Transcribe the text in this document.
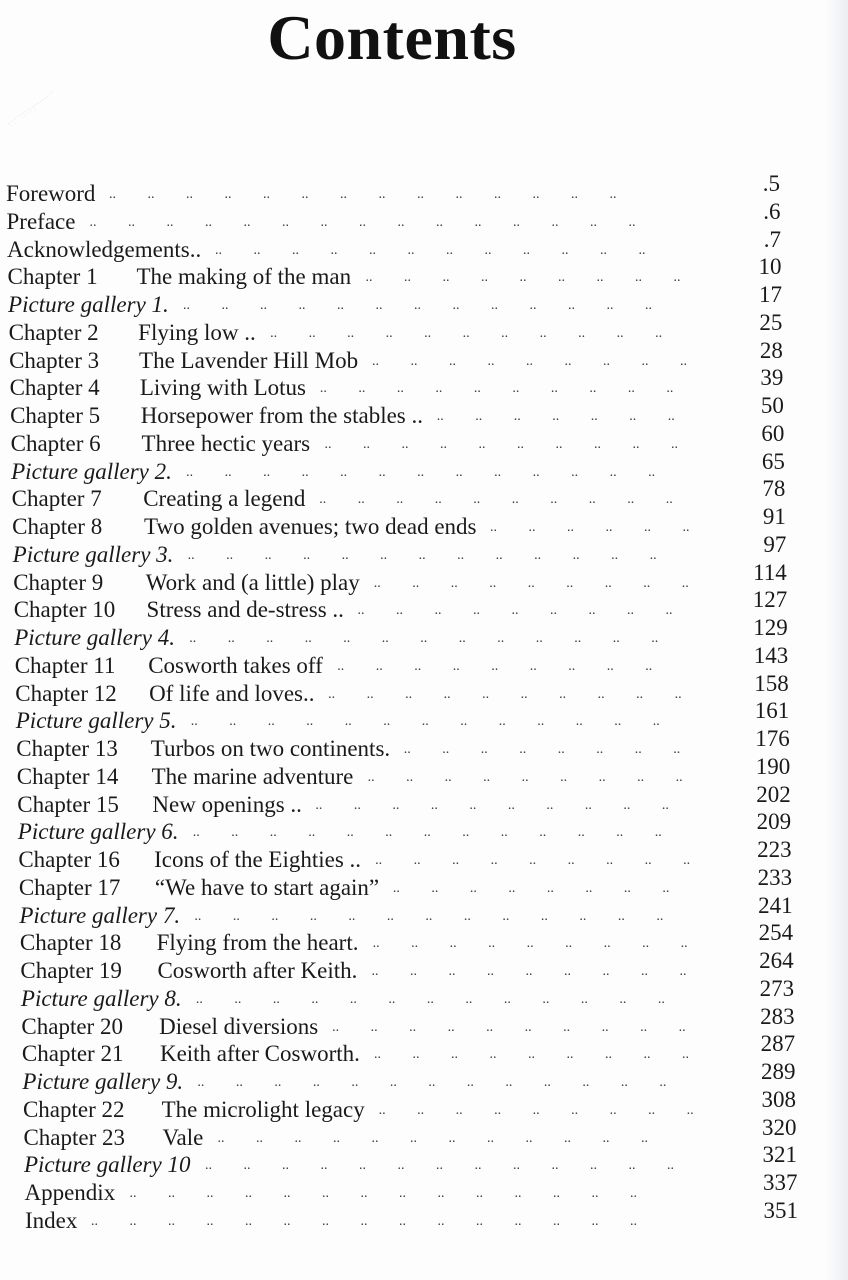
Contents
Foreword ..   ..   ..   ..   ..   ..   ..   ..   ..   ..   ..   ..   ..   ..  	.5
Preface ..   ..   ..   ..   ..   ..   ..   ..   ..   ..   ..   ..   ..   ..   ..  	.6
Acknowledgements.. ..   ..   ..   ..   ..   ..   ..   ..   ..   ..   ..   ..  	.7
Chapter 1 The making of the man ..   ..   ..   ..   ..   ..   ..   ..   ..  	10
Picture gallery 1. ..   ..   ..   ..   ..   ..   ..   ..   ..   ..   ..   ..   ..  	17
Chapter 2 Flying low .. ..   ..   ..   ..   ..   ..   ..   ..   ..   ..   ..  	25
Chapter 3 The Lavender Hill Mob ..   ..   ..   ..   ..   ..   ..   ..   ..  	28
Chapter 4 Living with Lotus ..   ..   ..   ..   ..   ..   ..   ..   ..   ..  	39
Chapter 5 Horsepower from the stables .. ..   ..   ..   ..   ..   ..   ..  	50
Chapter 6 Three hectic years ..   ..   ..   ..   ..   ..   ..   ..   ..   ..  	60
Picture gallery 2. ..   ..   ..   ..   ..   ..   ..   ..   ..   ..   ..   ..   ..  	65
Chapter 7 Creating a legend ..   ..   ..   ..   ..   ..   ..   ..   ..   ..  	78
Chapter 8 Two golden avenues; two dead ends ..   ..   ..   ..   ..   ..  	91
Picture gallery 3. ..   ..   ..   ..   ..   ..   ..   ..   ..   ..   ..   ..   ..  	97
Chapter 9 Work and (a little) play ..   ..   ..   ..   ..   ..   ..   ..   ..  	114
Chapter 10 Stress and de-stress .. ..   ..   ..   ..   ..   ..   ..   ..   ..  	127
Picture gallery 4. ..   ..   ..   ..   ..   ..   ..   ..   ..   ..   ..   ..   ..  	129
Chapter 11 Cosworth takes off ..   ..   ..   ..   ..   ..   ..   ..   ..  	143
Chapter 12 Of life and loves.. ..   ..   ..   ..   ..   ..   ..   ..   ..   ..  	158
Picture gallery 5. ..   ..   ..   ..   ..   ..   ..   ..   ..   ..   ..   ..   ..  	161
Chapter 13 Turbos on two continents. ..   ..   ..   ..   ..   ..   ..   ..  	176
Chapter 14 The marine adventure ..   ..   ..   ..   ..   ..   ..   ..   ..  	190
Chapter 15 New openings .. ..   ..   ..   ..   ..   ..   ..   ..   ..   ..  	202
Picture gallery 6. ..   ..   ..   ..   ..   ..   ..   ..   ..   ..   ..   ..   ..  	209
Chapter 16 Icons of the Eighties .. ..   ..   ..   ..   ..   ..   ..   ..   ..  	223
Chapter 17 “We have to start again” ..   ..   ..   ..   ..   ..   ..   ..  	233
Picture gallery 7. ..   ..   ..   ..   ..   ..   ..   ..   ..   ..   ..   ..   ..  	241
Chapter 18 Flying from the heart. ..   ..   ..   ..   ..   ..   ..   ..   ..  	254
Chapter 19 Cosworth after Keith. ..   ..   ..   ..   ..   ..   ..   ..   ..  	264
Picture gallery 8. ..   ..   ..   ..   ..   ..   ..   ..   ..   ..   ..   ..   ..  	273
Chapter 20 Diesel diversions ..   ..   ..   ..   ..   ..   ..   ..   ..   ..  	283
Chapter 21 Keith after Cosworth. ..   ..   ..   ..   ..   ..   ..   ..   ..  	287
Picture gallery 9. ..   ..   ..   ..   ..   ..   ..   ..   ..   ..   ..   ..   ..  	289
Chapter 22 The microlight legacy ..   ..   ..   ..   ..   ..   ..   ..   ..  	308
Chapter 23 Vale ..   ..   ..   ..   ..   ..   ..   ..   ..   ..   ..   ..  	320
Picture gallery 10 ..   ..   ..   ..   ..   ..   ..   ..   ..   ..   ..   ..   ..  	321
Appendix ..   ..   ..   ..   ..   ..   ..   ..   ..   ..   ..   ..   ..   ..  	337
Index ..   ..   ..   ..   ..   ..   ..   ..   ..   ..   ..   ..   ..   ..   ..  	351
